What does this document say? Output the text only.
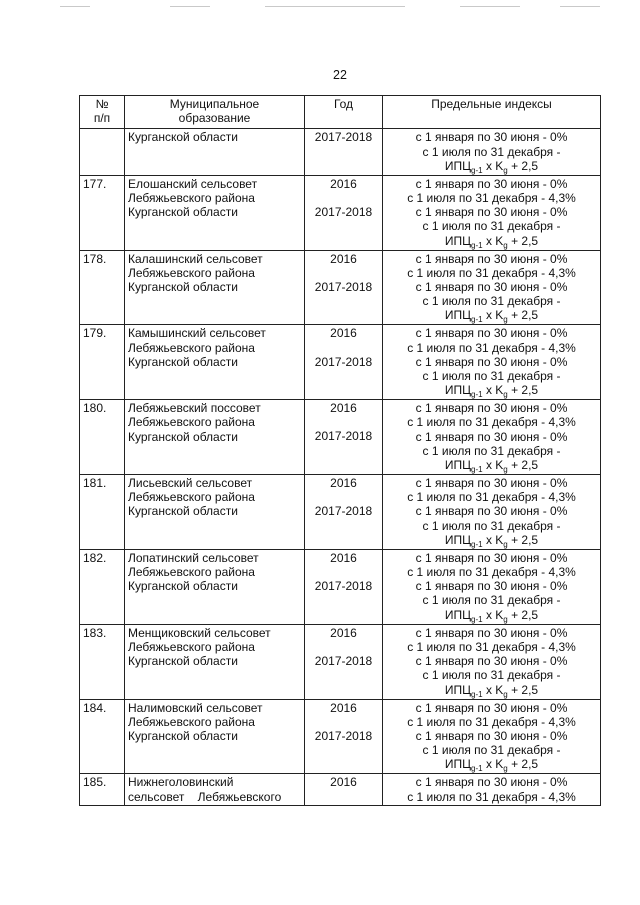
22
№
п/п	Муниципальное
образование	Год	Предельные индексы

	Курганской области	2017-2018	с 1 января по 30 июня - 0%
с 1 июля по 31 декабря -
$ИПЦ_{g-1}$ x $K_g + 2,5$

177.	Елошанский сельсовет
Лебяжьевского района
Курганской области	2016
2017-2018	с 1 января по 30 июня - 0%
с 1 июля по 31 декабря - 4,3%
с 1 января по 30 июня - 0%
с 1 июля по 31 декабря -
$ИПЦ_{g-1}$ x $K_g + 2,5$

178.	Калашинский сельсовет
Лебяжьевского района
Курганской области	2016
2017-2018	с 1 января по 30 июня - 0%
с 1 июля по 31 декабря - 4,3%
с 1 января по 30 июня - 0%
с 1 июля по 31 декабря -
$ИПЦ_{g-1}$ x $K_g + 2,5$

179.	Камышинский сельсовет
Лебяжьевского района
Курганской области	2016
2017-2018	с 1 января по 30 июня - 0%
с 1 июля по 31 декабря - 4,3%
с 1 января по 30 июня - 0%
с 1 июля по 31 декабря -
$ИПЦ_{g-1}$ x $K_g + 2,5$

180.	Лебяжьевский поссовет
Лебяжьевского района
Курганской области	2016
2017-2018	с 1 января по 30 июня - 0%
с 1 июля по 31 декабря - 4,3%
с 1 января по 30 июня - 0%
с 1 июля по 31 декабря -
$ИПЦ_{g-1}$ x $K_g + 2,5$

181.	Лисьевский сельсовет
Лебяжьевского района
Курганской области	2016
2017-2018	с 1 января по 30 июня - 0%
с 1 июля по 31 декабря - 4,3%
с 1 января по 30 июня - 0%
с 1 июля по 31 декабря -
$ИПЦ_{g-1}$ x $K_g + 2,5$

182.	Лопатинский сельсовет
Лебяжьевского района
Курганской области	2016
2017-2018	с 1 января по 30 июня - 0%
с 1 июля по 31 декабря - 4,3%
с 1 января по 30 июня - 0%
с 1 июля по 31 декабря -
$ИПЦ_{g-1}$ x $K_g + 2,5$

183.	Менщиковский сельсовет
Лебяжьевского района
Курганской области	2016
2017-2018	с 1 января по 30 июня - 0%
с 1 июля по 31 декабря - 4,3%
с 1 января по 30 июня - 0%
с 1 июля по 31 декабря -
$ИПЦ_{g-1}$ x $K_g + 2,5$

184.	Налимовский сельсовет
Лебяжьевского района
Курганской области	2016
2017-2018	с 1 января по 30 июня - 0%
с 1 июля по 31 декабря - 4,3%
с 1 января по 30 июня - 0%
с 1 июля по 31 декабря -
$ИПЦ_{g-1}$ x $K_g + 2,5$

185.	Нижнеголовинский
сельсовет    Лебяжьевского	2016	с 1 января по 30 июня - 0%
с 1 июля по 31 декабря - 4,3%
